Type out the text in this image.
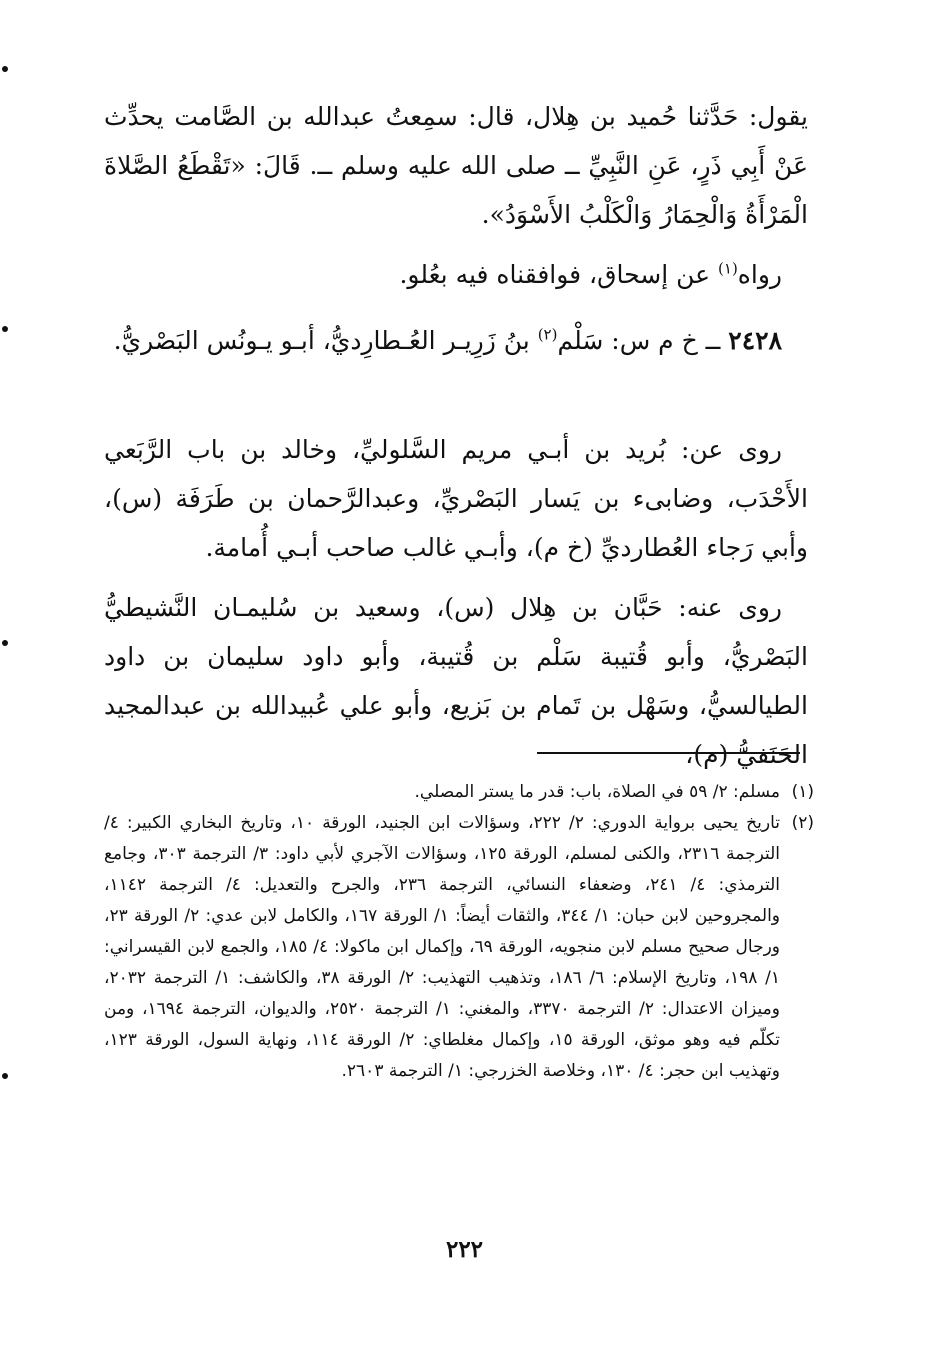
يقول: حَدَّثنا حُميد بن هِلال، قال: سمِعتُ عبدالله بن الصَّامت يحدِّث عَنْ أَبِي ذَرٍ، عَنِ النَّبِيِّ ــ صلى الله عليه وسلم ــ. قَالَ: «تَقْطَعُ الصَّلاةَ الْمَرْأَةُ وَالْحِمَارُ وَالْكَلْبُ الأَسْوَدُ».

رواه$^{(١)}$ عن إسحاق، فوافقناه فيه بعُلو.

٢٤٢٨ ــ خ م س: سَلْم$^{(٢)}$ بنُ زَرِيـر العُـطارِديُّ، أبـو يـونُس البَصْريُّ.

روى عن: بُريد بن أبـي مريم السَّلوليِّ، وخالد بن باب الرَّبَعي الأَحْدَب، وضابىء بن يَسار البَصْريِّ، وعبدالرَّحمان بن طَرَفَة (س)، وأبي رَجاء العُطارديِّ (خ م)، وأبـي غالب صاحب أبـي أُمامة.

روى عنه: حَبَّان بن هِلال (س)، وسعيد بن سُليمـان النَّشيطيُّ البَصْريُّ، وأبو قُتيبة سَلْم بن قُتيبة، وأبو داود سليمان بن داود الطيالسيُّ، وسَهْل بن تَمام بن بَزيع، وأبو علي عُبيدالله بن عبدالمجيد الحَنَفيُّ (م)،

(١)
مسلم: ٢/ ٥٩ في الصلاة، باب: قدر ما يستر المصلي.
(٢)
تاريخ يحيى برواية الدوري: ٢/ ٢٢٢، وسؤالات ابن الجنيد، الورقة ١٠، وتاريخ البخاري الكبير: ٤/ الترجمة ٢٣١٦، والكنى لمسلم، الورقة ١٢٥، وسؤالات الآجري لأبي داود: ٣/ الترجمة ٣٠٣، وجامع الترمذي: ٤/ ٢٤١، وضعفاء النسائي، الترجمة ٢٣٦، والجرح والتعديل: ٤/ الترجمة ١١٤٢، والمجروحين لابن حبان: ١/ ٣٤٤، والثقات أيضاً: ١/ الورقة ١٦٧، والكامل لابن عدي: ٢/ الورقة ٢٣، ورجال صحيح مسلم لابن منجويه، الورقة ٦٩، وإكمال ابن ماكولا: ٤/ ١٨٥، والجمع لابن القيسراني: ١/ ١٩٨، وتاريخ الإسلام: ٦/ ١٨٦، وتذهيب التهذيب: ٢/ الورقة ٣٨، والكاشف: ١/ الترجمة ٢٠٣٢، وميزان الاعتدال: ٢/ الترجمة ٣٣٧٠، والمغني: ١/ الترجمة ٢٥٢٠، والديوان، الترجمة ١٦٩٤، ومن تكلّم فيه وهو موثق، الورقة ١٥، وإكمال مغلطاي: ٢/ الورقة ١١٤، ونهاية السول، الورقة ١٢٣، وتهذيب ابن حجر: ٤/ ١٣٠، وخلاصة الخزرجي: ١/ الترجمة ٢٦٠٣.
٢٢٢
